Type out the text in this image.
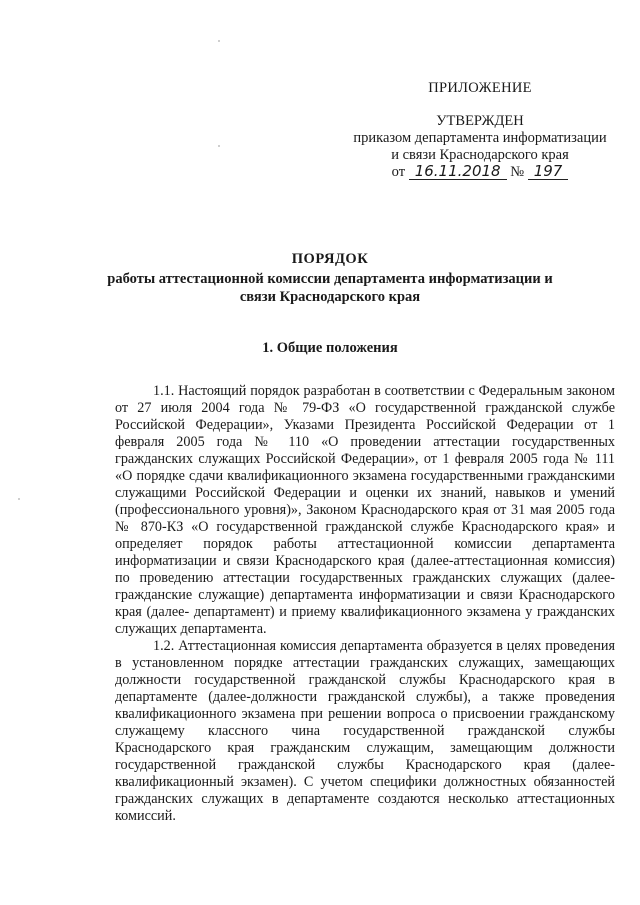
ПРИЛОЖЕНИЕ
УТВЕРЖДЕН
приказом департамента информатизации
и связи Краснодарского края
от 16.11.2018 № 197
ПОРЯДОК
работы аттестационной комиссии департамента информатизации и связи Краснодарского края
1. Общие положения

1.1. Настоящий порядок разработан в соответствии с Федеральным законом от 27 июля 2004 года № 79-ФЗ «О государственной гражданской службе Российской Федерации», Указами Президента Российской Федерации от 1 февраля 2005 года № 110 «О проведении аттестации государственных гражданских служащих Российской Федерации», от 1 февраля 2005 года № 111 «О порядке сдачи квалификационного экзамена государственными гражданскими служащими Российской Федерации и оценки их знаний, навыков и умений (профессионального уровня)», Законом Краснодарского края от 31 мая 2005 года № 870-КЗ «О государственной гражданской службе Краснодарского края» и определяет порядок работы аттестационной комиссии департамента информатизации и связи Краснодарского края (далее-аттестационная комиссия) по проведению аттестации государственных гражданских служащих (далее-гражданские служащие) департамента информатизации и связи Краснодарского края (далее- департамент) и приему квалификационного экзамена у гражданских служащих департамента.

1.2. Аттестационная комиссия департамента образуется в целях проведения в установленном порядке аттестации гражданских служащих, замещающих должности государственной гражданской службы Краснодарского края в департаменте (далее-должности гражданской службы), а также проведения квалификационного экзамена при решении вопроса о присвоении гражданскому служащему классного чина государственной гражданской службы Краснодарского края гражданским служащим, замещающим должности государственной гражданской службы Краснодарского края (далее-квалификационный экзамен). С учетом специфики должностных обязанностей гражданских служащих в департаменте создаются несколько аттестационных комиссий.
